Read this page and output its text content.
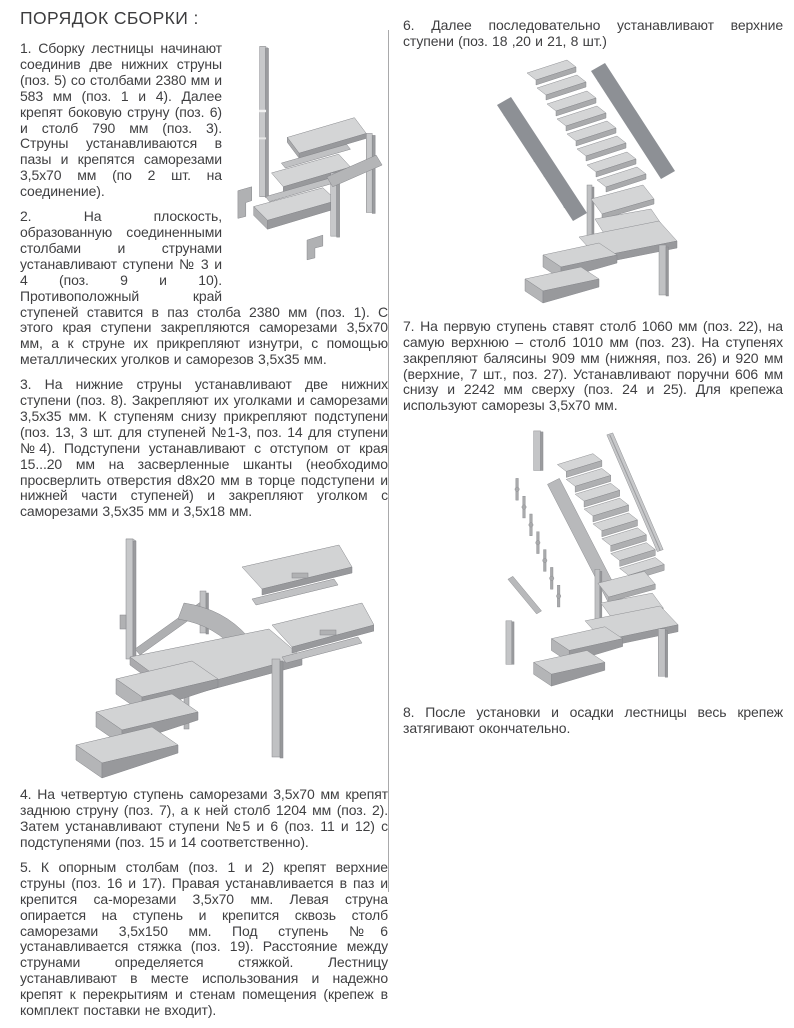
ПОРЯДОК СБОРКИ :

1. Сборку лестницы начинают соединив две нижних струны (поз. 5) со столбами 2380 мм и 583 мм (поз. 1 и 4). Далее крепят боковую струну (поз. 6) и столб 790 мм (поз. 3). Струны устанавливаются в пазы и крепятся саморезами 3,5х70 мм (по 2 шт. на соединение).

2. На плоскость, образованную соединенными столбами и струнами устанавливают ступени № 3 и 4 (поз. 9 и 10). Противоположный край ступеней ставится в паз столба 2380 мм (поз. 1). С этого края ступени закрепляются саморезами 3,5х70 мм, а к струне их прикрепляют изнутри, с помощью металлических уголков и саморезов 3,5х35 мм.

3. На нижние струны устанавливают две нижних ступени (поз. 8). Закрепляют их уголками и саморезами 3,5х35 мм. К ступеням снизу прикрепляют подступени (поз. 13, 3 шт. для ступеней №1-3, поз. 14 для ступени №4). Подступени устанавливают с отступом от края 15...20 мм на засверленные шканты (необходимо просверлить отверстия d8х20 мм в торце подступени и нижней части ступеней) и закрепляют уголком с саморезами 3,5х35 мм и 3,5х18 мм.

4. На четвертую ступень саморезами 3,5х70 мм крепят заднюю струну (поз. 7), а к ней столб 1204 мм (поз. 2). Затем устанавливают ступени №5 и 6 (поз. 11 и 12) с подступенями (поз. 15 и 14 соответственно).

5. К опорным столбам (поз. 1 и 2) крепят верхние струны (поз. 16 и 17). Правая устанавливается в паз и крепится са-морезами 3,5х70 мм. Левая струна опирается на ступень и крепится сквозь столб саморезами 3,5х150 мм. Под ступень №6 устанавливается стяжка (поз. 19). Расстояние между струнами определяется стяжкой. Лестницу устанавливают в месте использования и надежно крепят к перекрытиям и стенам помещения (крепеж в комплект поставки не входит).

6. Далее последовательно устанавливают верхние ступени (поз. 18 ,20 и 21, 8 шт.)

7. На первую ступень ставят столб 1060 мм (поз. 22), на самую верхнюю – столб 1010 мм (поз. 23). На ступенях закрепляют балясины 909 мм (нижняя, поз. 26) и 920 мм (верхние, 7 шт., поз. 27). Устанавливают поручни 606 мм снизу и 2242 мм сверху (поз. 24 и 25). Для крепежа используют саморезы 3,5х70 мм.

8. После установки и осадки лестницы весь крепеж затягивают окончательно.
